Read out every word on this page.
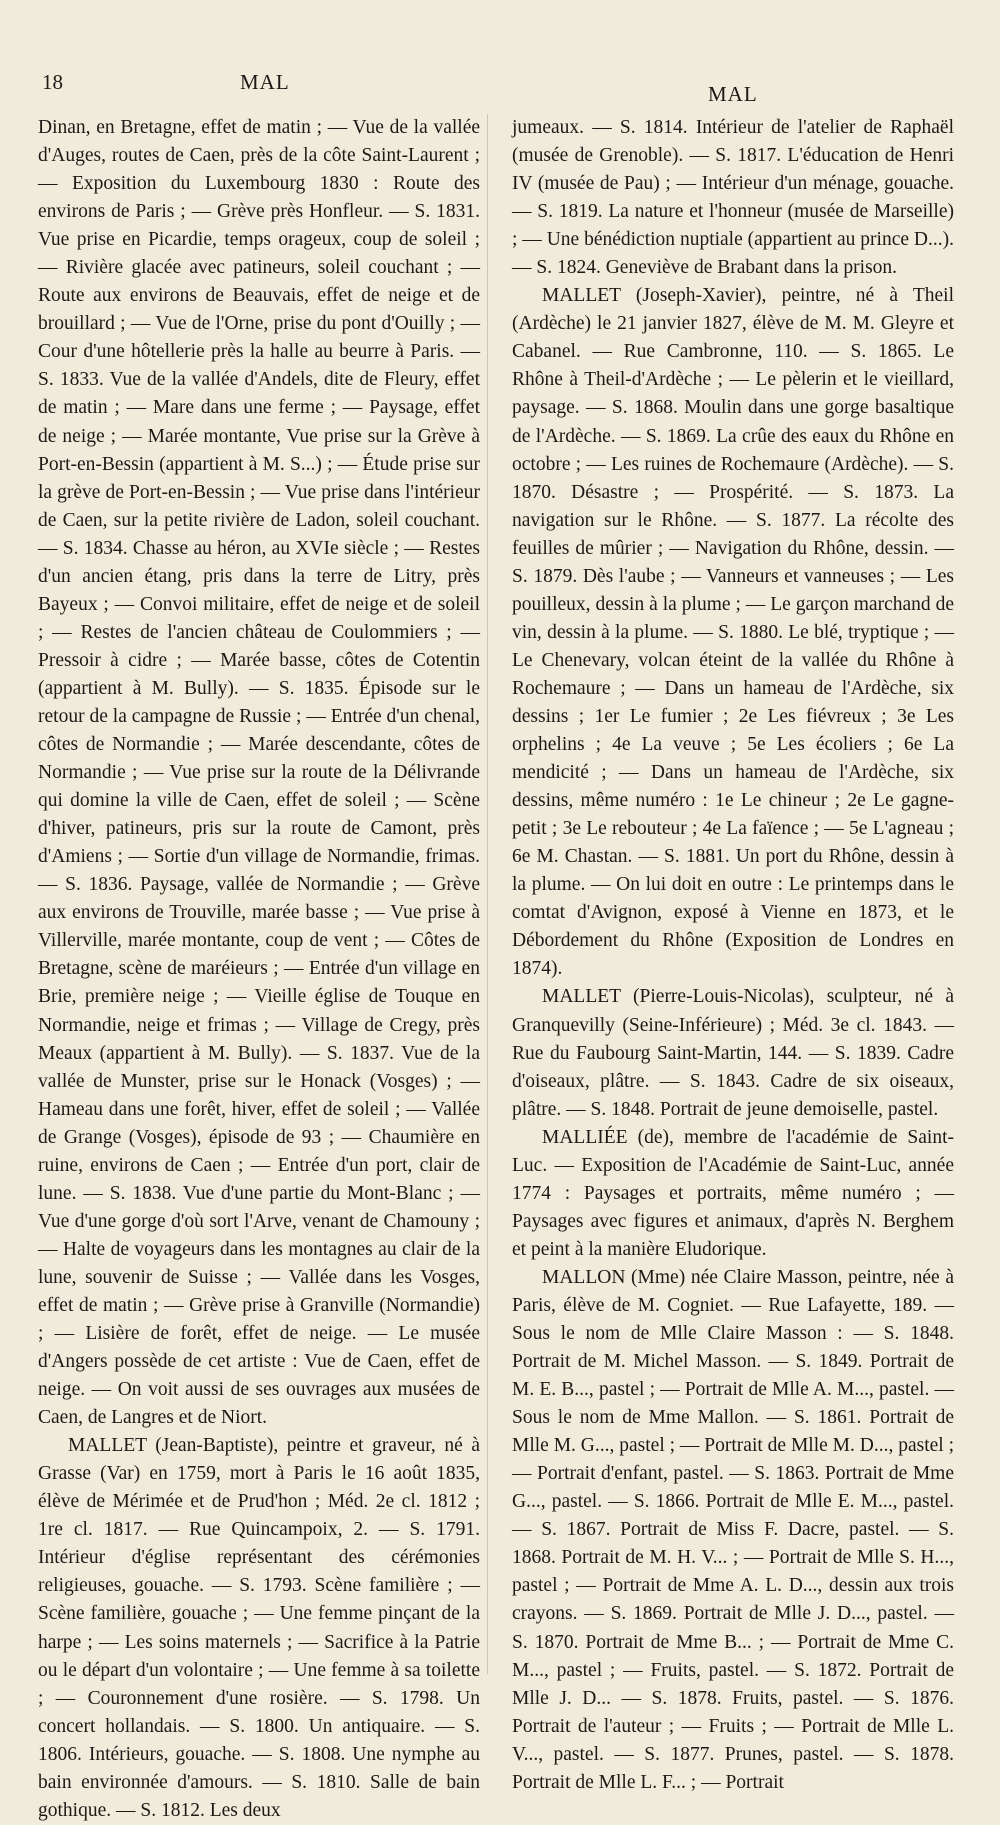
18	MAL	MAL

Dinan, en Bretagne, effet de matin ; — Vue de la vallée d'Auges, routes de Caen, près de la côte Saint-Laurent ; — Exposition du Luxembourg 1830 : Route des environs de Paris ; — Grève près Honfleur. — S. 1831. Vue prise en Picardie, temps orageux, coup de soleil ; — Rivière glacée avec patineurs, soleil couchant ; — Route aux environs de Beauvais, effet de neige et de brouillard ; — Vue de l'Orne, prise du pont d'Ouilly ; — Cour d'une hôtellerie près la halle au beurre à Paris. — S. 1833. Vue de la vallée d'Andels, dite de Fleury, effet de matin ; — Mare dans une ferme ; — Paysage, effet de neige ; — Marée montante, Vue prise sur la Grève à Port-en-Bessin (appartient à M. S...) ; — Étude prise sur la grève de Port-en-Bessin ; — Vue prise dans l'intérieur de Caen, sur la petite rivière de Ladon, soleil couchant. — S. 1834. Chasse au héron, au XVIe siècle ; — Restes d'un ancien étang, pris dans la terre de Litry, près Bayeux ; — Convoi militaire, effet de neige et de soleil ; — Restes de l'ancien château de Coulommiers ; — Pressoir à cidre ; — Marée basse, côtes de Cotentin (appartient à M. Bully). — S. 1835. Épisode sur le retour de la campagne de Russie ; — Entrée d'un chenal, côtes de Normandie ; — Marée descendante, côtes de Normandie ; — Vue prise sur la route de la Délivrande qui domine la ville de Caen, effet de soleil ; — Scène d'hiver, patineurs, pris sur la route de Camont, près d'Amiens ; — Sortie d'un village de Normandie, frimas. — S. 1836. Paysage, vallée de Normandie ; — Grève aux environs de Trouville, marée basse ; — Vue prise à Villerville, marée montante, coup de vent ; — Côtes de Bretagne, scène de maréieurs ; — Entrée d'un village en Brie, première neige ; — Vieille église de Touque en Normandie, neige et frimas ; — Village de Cregy, près Meaux (appartient à M. Bully). — S. 1837. Vue de la vallée de Munster, prise sur le Honack (Vosges) ; — Hameau dans une forêt, hiver, effet de soleil ; — Vallée de Grange (Vosges), épisode de 93 ; — Chaumière en ruine, environs de Caen ; — Entrée d'un port, clair de lune. — S. 1838. Vue d'une partie du Mont-Blanc ; — Vue d'une gorge d'où sort l'Arve, venant de Chamouny ; — Halte de voyageurs dans les montagnes au clair de la lune, souvenir de Suisse ; — Vallée dans les Vosges, effet de matin ; — Grève prise à Granville (Normandie) ; — Lisière de forêt, effet de neige. — Le musée d'Angers possède de cet artiste : Vue de Caen, effet de neige. — On voit aussi de ses ouvrages aux musées de Caen, de Langres et de Niort.

MALLET (Jean-Baptiste), peintre et graveur, né à Grasse (Var) en 1759, mort à Paris le 16 août 1835, élève de Mérimée et de Prud'hon ; Méd. 2e cl. 1812 ; 1re cl. 1817. — Rue Quincampoix, 2. — S. 1791. Intérieur d'église représentant des cérémonies religieuses, gouache. — S. 1793. Scène familière ; — Scène familière, gouache ; — Une femme pinçant de la harpe ; — Les soins maternels ; — Sacrifice à la Patrie ou le départ d'un volontaire ; — Une femme à sa toilette ; — Couronnement d'une rosière. — S. 1798. Un concert hollandais. — S. 1800. Un antiquaire. — S. 1806. Intérieurs, gouache. — S. 1808. Une nymphe au bain environnée d'amours. — S. 1810. Salle de bain gothique. — S. 1812. Les deux

jumeaux. — S. 1814. Intérieur de l'atelier de Raphaël (musée de Grenoble). — S. 1817. L'éducation de Henri IV (musée de Pau) ; — Intérieur d'un ménage, gouache. — S. 1819. La nature et l'honneur (musée de Marseille) ; — Une bénédiction nuptiale (appartient au prince D...). — S. 1824. Geneviève de Brabant dans la prison.

MALLET (Joseph-Xavier), peintre, né à Theil (Ardèche) le 21 janvier 1827, élève de M. M. Gleyre et Cabanel. — Rue Cambronne, 110. — S. 1865. Le Rhône à Theil-d'Ardèche ; — Le pèlerin et le vieillard, paysage. — S. 1868. Moulin dans une gorge basaltique de l'Ardèche. — S. 1869. La crûe des eaux du Rhône en octobre ; — Les ruines de Rochemaure (Ardèche). — S. 1870. Désastre ; — Prospérité. — S. 1873. La navigation sur le Rhône. — S. 1877. La récolte des feuilles de mûrier ; — Navigation du Rhône, dessin. — S. 1879. Dès l'aube ; — Vanneurs et vanneuses ; — Les pouilleux, dessin à la plume ; — Le garçon marchand de vin, dessin à la plume. — S. 1880. Le blé, tryptique ; — Le Chenevary, volcan éteint de la vallée du Rhône à Rochemaure ; — Dans un hameau de l'Ardèche, six dessins ; 1er Le fumier ; 2e Les fiévreux ; 3e Les orphelins ; 4e La veuve ; 5e Les écoliers ; 6e La mendicité ; — Dans un hameau de l'Ardèche, six dessins, même numéro : 1e Le chineur ; 2e Le gagne-petit ; 3e Le rebouteur ; 4e La faïence ; — 5e L'agneau ; 6e M. Chastan. — S. 1881. Un port du Rhône, dessin à la plume. — On lui doit en outre : Le printemps dans le comtat d'Avignon, exposé à Vienne en 1873, et le Débordement du Rhône (Exposition de Londres en 1874).

MALLET (Pierre-Louis-Nicolas), sculpteur, né à Granquevilly (Seine-Inférieure) ; Méd. 3e cl. 1843. — Rue du Faubourg Saint-Martin, 144. — S. 1839. Cadre d'oiseaux, plâtre. — S. 1843. Cadre de six oiseaux, plâtre. — S. 1848. Portrait de jeune demoiselle, pastel.

MALLIÉE (de), membre de l'académie de Saint-Luc. — Exposition de l'Académie de Saint-Luc, année 1774 : Paysages et portraits, même numéro ; — Paysages avec figures et animaux, d'après N. Berghem et peint à la manière Eludorique.

MALLON (Mme) née Claire Masson, peintre, née à Paris, élève de M. Cogniet. — Rue Lafayette, 189. — Sous le nom de Mlle Claire Masson : — S. 1848. Portrait de M. Michel Masson. — S. 1849. Portrait de M. E. B..., pastel ; — Portrait de Mlle A. M..., pastel. — Sous le nom de Mme Mallon. — S. 1861. Portrait de Mlle M. G..., pastel ; — Portrait de Mlle M. D..., pastel ; — Portrait d'enfant, pastel. — S. 1863. Portrait de Mme G..., pastel. — S. 1866. Portrait de Mlle E. M..., pastel. — S. 1867. Portrait de Miss F. Dacre, pastel. — S. 1868. Portrait de M. H. V... ; — Portrait de Mlle S. H..., pastel ; — Portrait de Mme A. L. D..., dessin aux trois crayons. — S. 1869. Portrait de Mlle J. D..., pastel. — S. 1870. Portrait de Mme B... ; — Portrait de Mme C. M..., pastel ; — Fruits, pastel. — S. 1872. Portrait de Mlle J. D... — S. 1878. Fruits, pastel. — S. 1876. Portrait de l'auteur ; — Fruits ; — Portrait de Mlle L. V..., pastel. — S. 1877. Prunes, pastel. — S. 1878. Portrait de Mlle L. F... ; — Portrait
